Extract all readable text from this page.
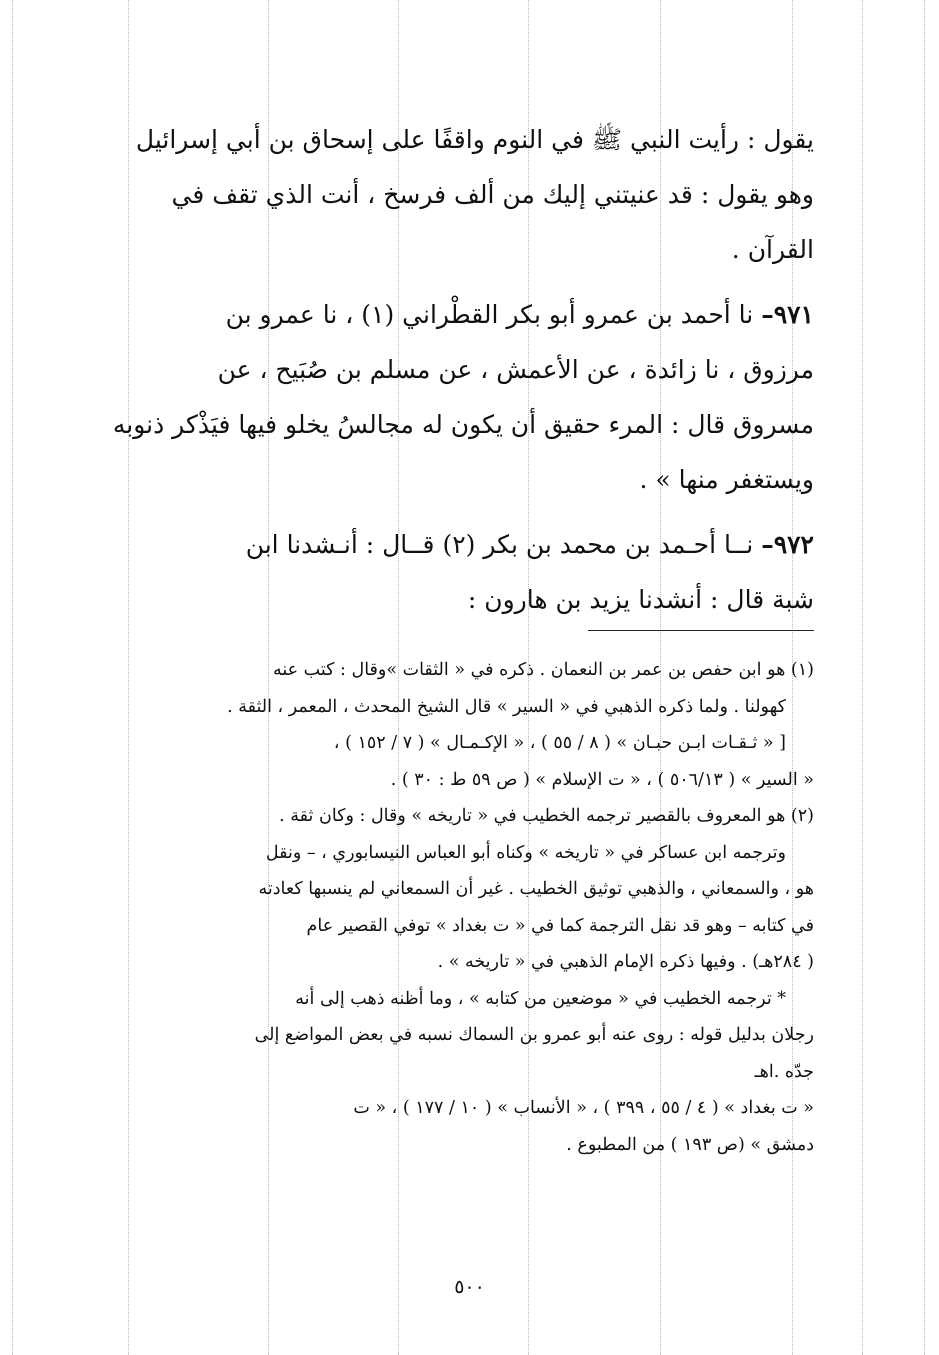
يقول : رأيت النبي ﷺ في النوم واقفًا على إسحاق بن أبي إسرائيل

وهو يقول : قد عنيتني إليك من ألف فرسخ ، أنت الذي تقف في

القرآن .

٩٧١– نا أحمد بن عمرو أبو بكر القطْراني (١) ، نا عمرو بن

مرزوق ، نا زائدة ، عن الأعمش ، عن مسلم بن صُبَيح ، عن

مسروق قال : المرء حقيق أن يكون له مجالسُ يخلو فيها فيَذْكر ذنوبه

ويستغفر منها » .

٩٧٢– نــا أحـمد بن محمد بن بكر (٢) قــال : أنـشدنا ابن

شبة قال : أنشدنا يزيد بن هارون :

(١) هو ابن حفص بن عمر بن النعمان . ذكره في « الثقات »وقال : كتب عنه

كهولنا . ولما ذكره الذهبي في « السير » قال الشيخ المحدث ، المعمر ، الثقة .

[ « ثـقـات ابـن حبـان » ( ٨ / ٥٥ ) ، « الإكـمـال » ( ٧ / ١٥٢ ) ،

« السير » ( ٥٠٦/١٣ ) ، « ت الإسلام » ( ص ٥٩ ط : ٣٠ ) .

(٢) هو المعروف بالقصير ترجمه الخطيب في « تاريخه » وقال : وكان ثقة .

وترجمه ابن عساكر في « تاريخه » وكناه أبو العباس النيسابوري ، – ونقل

هو ، والسمعاني ، والذهبي توثيق الخطيب . غير أن السمعاني لم ينسبها كعادته

في كتابه – وهو قد نقل الترجمة كما في « ت بغداد » توفي القصير عام

( ٢٨٤هـ) . وفيها ذكره الإمام الذهبي في « تاريخه » .

* ترجمه الخطيب في « موضعين من كتابه » ، وما أظنه ذهب إلى أنه

رجلان بدليل قوله : روى عنه أبو عمرو بن السماك نسبه في بعض المواضع إلى

جدّه .اهـ

« ت بغداد » ( ٤ / ٥٥ ، ٣٩٩ ) ، « الأنساب » ( ١٠ / ١٧٧ ) ، « ت

دمشق » (ص ١٩٣ ) من المطبوع .

٥٠٠
